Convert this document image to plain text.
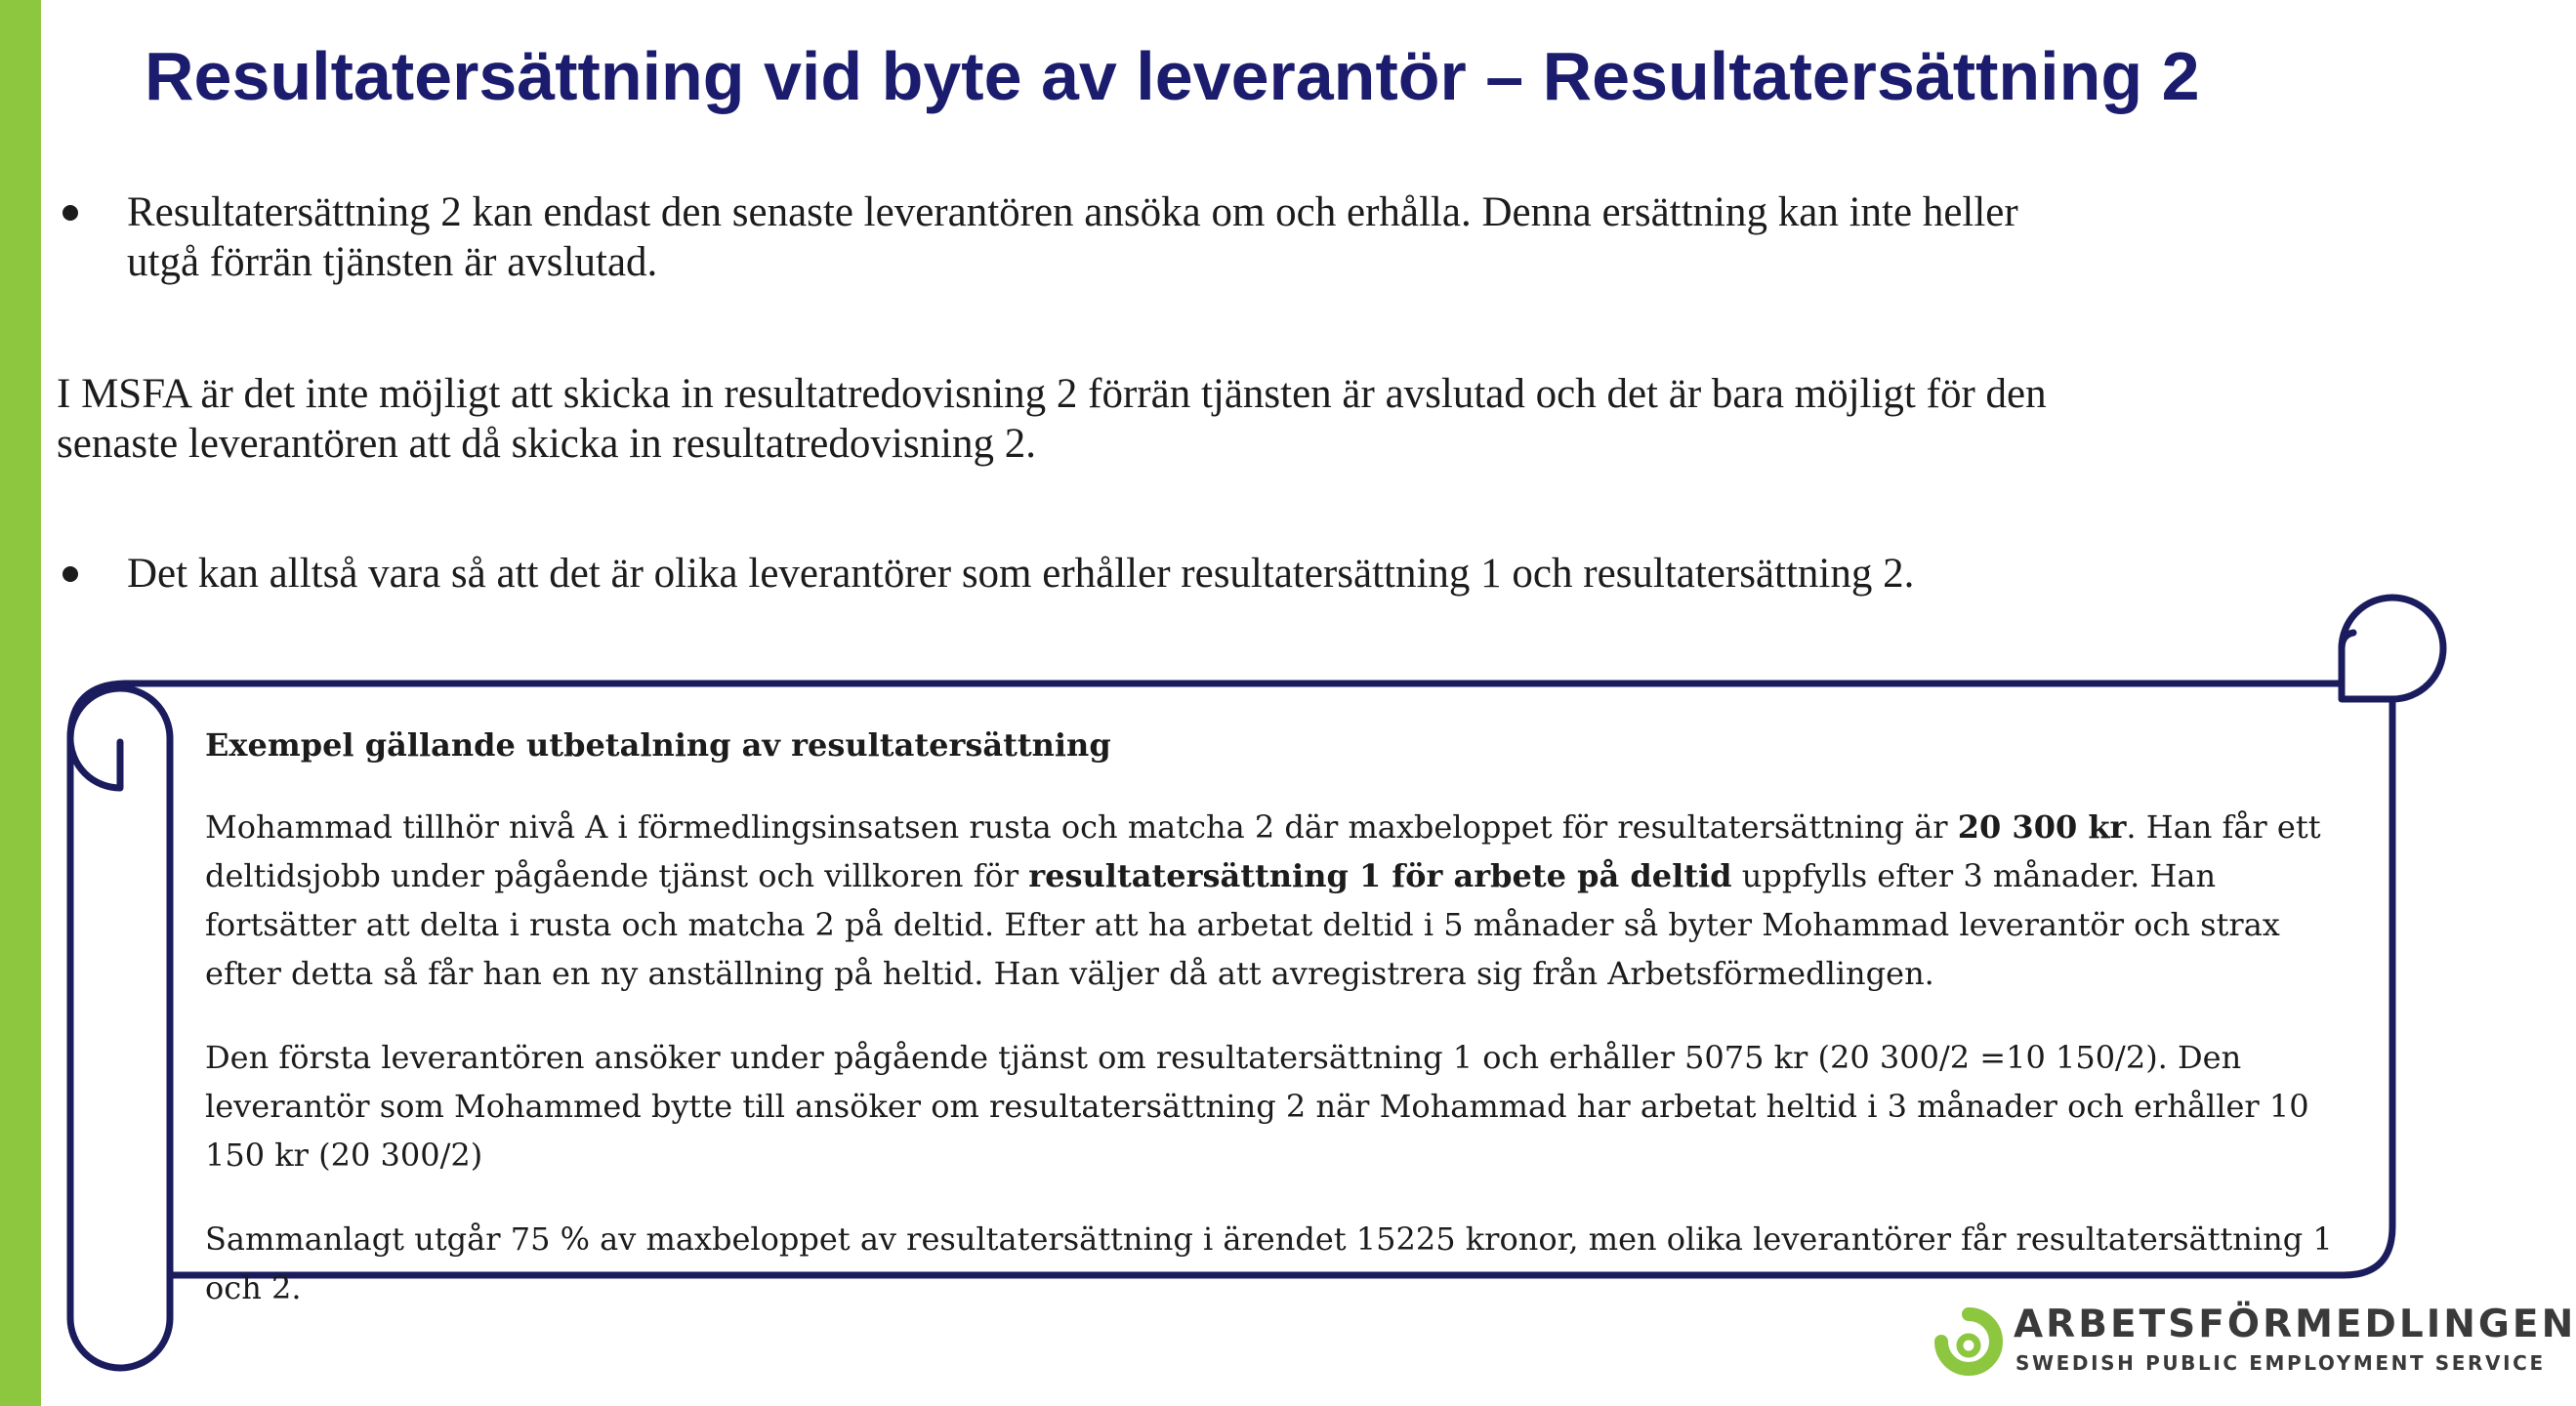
Resultatersättning vid byte av leverantör – Resultatersättning 2
Resultatersättning 2 kan endast den senaste leverantören ansöka om och erhålla. Denna ersättning kan inte heller
utgå förrän tjänsten är avslutad.
I MSFA är det inte möjligt att skicka in resultatredovisning 2 förrän tjänsten är avslutad och det är bara möjligt för den
senaste leverantören att då skicka in resultatredovisning 2.
Det kan alltså vara så att det är olika leverantörer som erhåller resultatersättning 1 och resultatersättning 2.

Exempel gällande utbetalning av resultatersättning

Mohammad tillhör nivå A i förmedlingsinsatsen rusta och matcha 2 där maxbeloppet för resultatersättning är 20 300 kr. Han får ett deltidsjobb under pågående tjänst och villkoren för resultatersättning 1 för arbete på deltid uppfylls efter 3 månader. Han fortsätter att delta i rusta och matcha 2 på deltid. Efter att ha arbetat deltid i 5 månader så byter Mohammad leverantör och strax efter detta så får han en ny anställning på heltid. Han väljer då att avregistrera sig från Arbetsförmedlingen.

Den första leverantören ansöker under pågående tjänst om resultatersättning 1 och erhåller 5075 kr (20 300/2 =10 150/2). Den leverantör som Mohammed bytte till ansöker om resultatersättning 2 när Mohammad har arbetat heltid i 3 månader och erhåller 10 150 kr (20 300/2)

Sammanlagt utgår 75 % av maxbeloppet av resultatersättning i ärendet 15225 kronor, men olika leverantörer får resultatersättning 1 och 2.

ARBETSFÖRMEDLINGEN
SWEDISH PUBLIC EMPLOYMENT SERVICE
